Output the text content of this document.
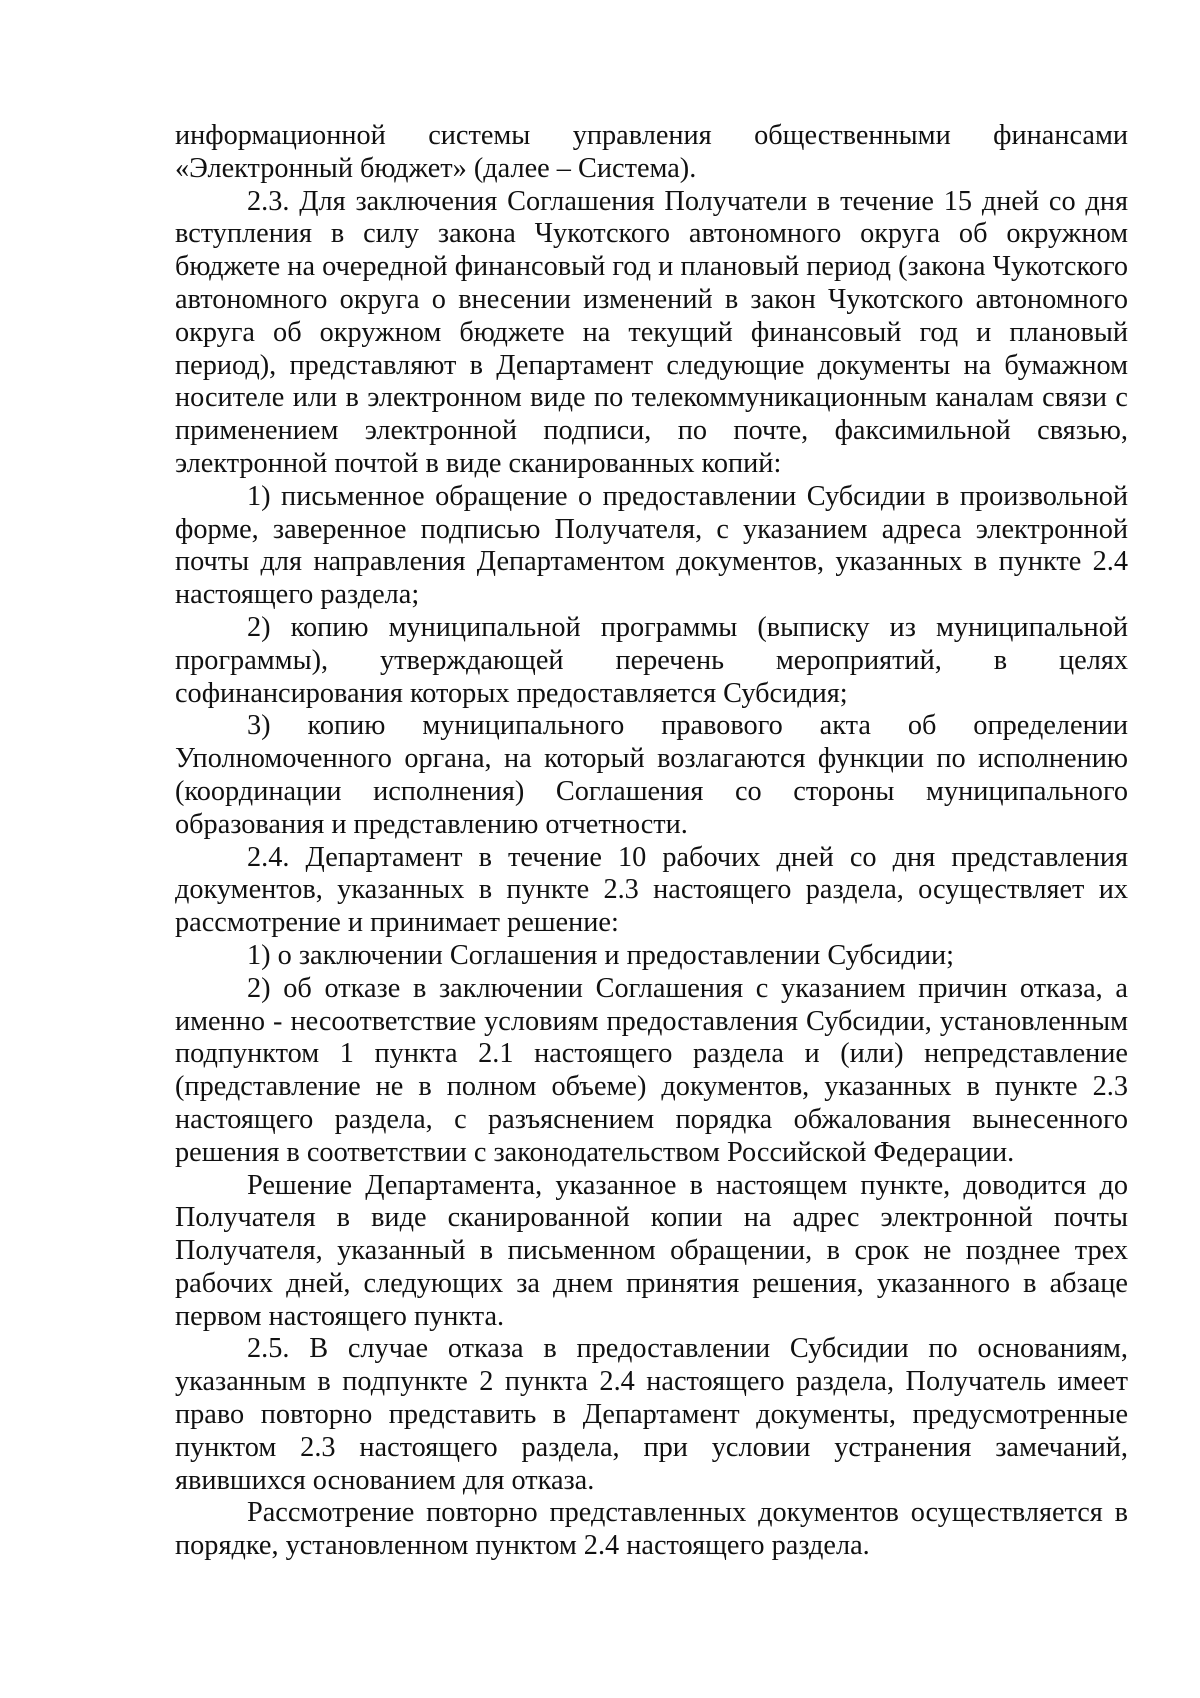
информационной системы управления общественными финансами «Электронный бюджет» (далее – Система).

2.3. Для заключения Соглашения Получатели в течение 15 дней со дня вступления в силу закона Чукотского автономного округа об окружном бюджете на очередной финансовый год и плановый период (закона Чукотского автономного округа о внесении изменений в закон Чукотского автономного округа об окружном бюджете на текущий финансовый год и плановый период), представляют в Департамент следующие документы на бумажном носителе или в электронном виде по телекоммуникационным каналам связи с применением электронной подписи, по почте, факсимильной связью, электронной почтой в виде сканированных копий:

1) письменное обращение о предоставлении Субсидии в произвольной форме, заверенное подписью Получателя, с указанием адреса электронной почты для направления Департаментом документов, указанных в пункте 2.4 настоящего раздела;

2) копию муниципальной программы (выписку из муниципальной программы), утверждающей перечень мероприятий, в целях софинансирования которых предоставляется Субсидия;

3) копию муниципального правового акта об определении Уполномоченного органа, на который возлагаются функции по исполнению (координации исполнения) Соглашения со стороны муниципального образования и представлению отчетности.

2.4. Департамент в течение 10 рабочих дней со дня представления документов, указанных в пункте 2.3 настоящего раздела, осуществляет их рассмотрение и принимает решение:

1) о заключении Соглашения и предоставлении Субсидии;

2) об отказе в заключении Соглашения с указанием причин отказа, а именно - несоответствие условиям предоставления Субсидии, установленным подпунктом 1 пункта 2.1 настоящего раздела и (или) непредставление (представление не в полном объеме) документов, указанных в пункте 2.3 настоящего раздела, с разъяснением порядка обжалования вынесенного решения в соответствии с законодательством Российской Федерации.

Решение Департамента, указанное в настоящем пункте, доводится до Получателя в виде сканированной копии на адрес электронной почты Получателя, указанный в письменном обращении, в срок не позднее трех рабочих дней, следующих за днем принятия решения, указанного в абзаце первом настоящего пункта.

2.5. В случае отказа в предоставлении Субсидии по основаниям, указанным в подпункте 2 пункта 2.4 настоящего раздела, Получатель имеет право повторно представить в Департамент документы, предусмотренные пунктом 2.3 настоящего раздела, при условии устранения замечаний, явившихся основанием для отказа.

Рассмотрение повторно представленных документов осуществляется в порядке, установленном пунктом 2.4 настоящего раздела.
